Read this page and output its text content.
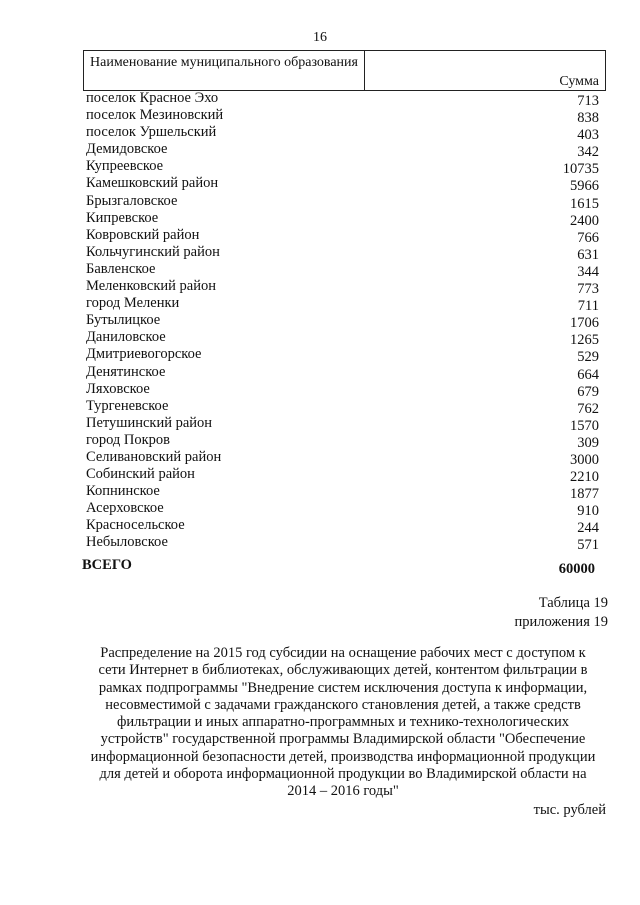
16
Наименование муниципального образования
Сумма
поселок Красное Эхо	713
поселок Мезиновский	838
поселок Уршельский	403
Демидовское	342
Купреевское	10735
Камешковский район	5966
Брызгаловское	1615
Кипревское	2400
Ковровский район	766
Кольчугинский район	631
Бавленское	344
Меленковский район	773
город Меленки	711
Бутылицкое	1706
Даниловское	1265
Дмитриевогорское	529
Денятинское	664
Ляховское	679
Тургеневское	762
Петушинский район	1570
город Покров	309
Селивановский район	3000
Собинский район	2210
Копнинское	1877
Асерховское	910
Красносельское	244
Небыловское	571
ВСЕГО	60000
Таблица 19
приложения 19
Распределение на 2015 год субсидии на оснащение рабочих мест с доступом к
сети Интернет в библиотеках, обслуживающих детей, контентом фильтрации в
рамках подпрограммы "Внедрение систем исключения доступа к информации,
несовместимой с задачами гражданского становления детей, а также средств
фильтрации и иных аппаратно-программных и технико-технологических
устройств" государственной программы Владимирской области "Обеспечение
информационной безопасности детей, производства информационной продукции
для детей и оборота информационной продукции во Владимирской области на
2014 – 2016 годы"
тыс. рублей
